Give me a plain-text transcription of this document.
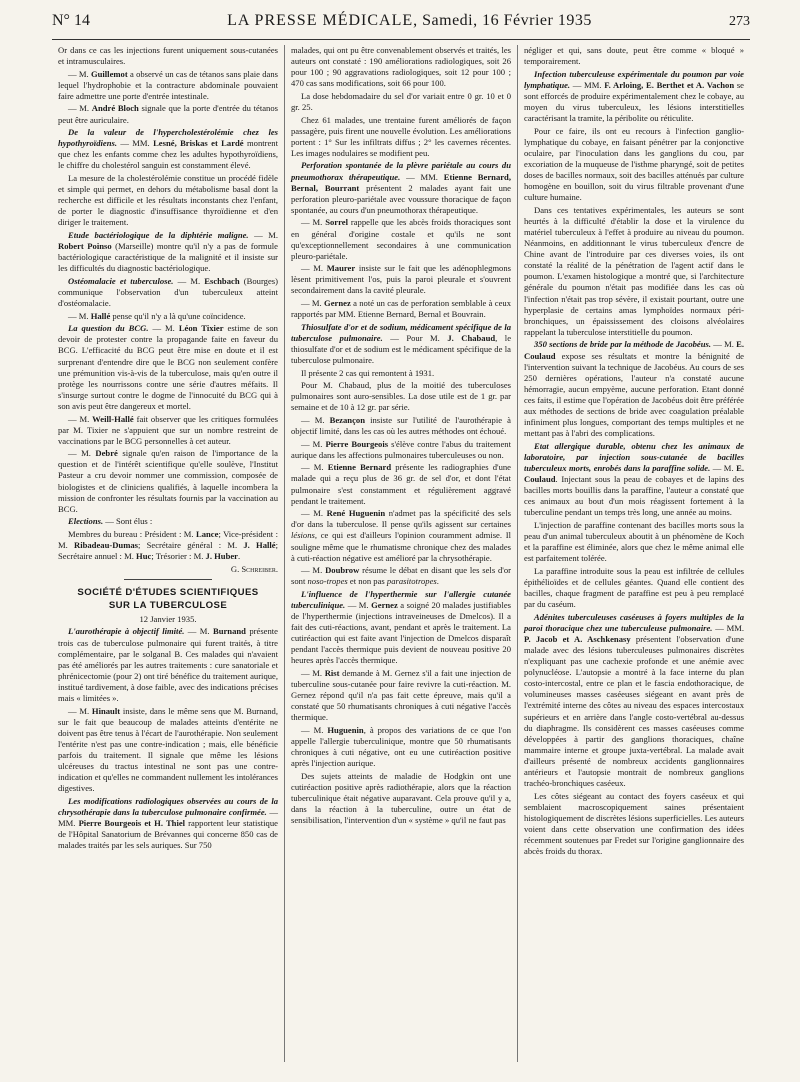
N° 14	LA PRESSE MÉDICALE, Samedi, 16 Février 1935	273

Or dans ce cas les injections furent uniquement sous-cutanées et intramusculaires.

— M. Guillemot a observé un cas de tétanos sans plaie dans lequel l'hydrophobie et la contracture abdominale pouvaient faire admettre une porte d'entrée intestinale.

— M. André Bloch signale que la porte d'entrée du tétanos peut être auriculaire.

De la valeur de l'hypercholestérolémie chez les hypothyroïdiens. — MM. Lesné, Briskas et Lardé montrent que chez les enfants comme chez les adultes hypothyroïdiens, le chiffre du cholestérol sanguin est constamment élevé.

La mesure de la cholestérolémie constitue un procédé fidèle et simple qui permet, en dehors du métabolisme basal dont la recherche est difficile et les résultats inconstants chez l'enfant, de porter le diagnostic d'insuffisance thyroïdienne et d'en diriger le traitement.

Etude bactériologique de la diphtérie maligne. — M. Robert Poinso (Marseille) montre qu'il n'y a pas de formule bactériologique caractéristique de la malignité et il insiste sur les difficultés du diagnostic bactériologique.

Ostéomalacie et tuberculose. — M. Eschbach (Bourges) communique l'observation d'un tuberculeux atteint d'ostéomalacie.

— M. Hallé pense qu'il n'y a là qu'une coïncidence.

La question du BCG. — M. Léon Tixier estime de son devoir de protester contre la propagande faite en faveur du BCG. L'efficacité du BCG peut être mise en doute et il est surprenant d'entendre dire que le BCG non seulement confère une prémunition vis-à-vis de la tuberculose, mais qu'en outre il protège les nourrissons contre une série d'autres méfaits. Il s'insurge surtout contre le dogme de l'innocuité du BCG qui à son avis peut être dangereux et mortel.

— M. Weill-Hallé fait observer que les critiques formulées par M. Tixier ne s'appuient que sur un nombre restreint de vaccinations par le BCG personnelles à cet auteur.

— M. Debré signale qu'en raison de l'importance de la question et de l'intérêt scientifique qu'elle soulève, l'Institut Pasteur a cru devoir nommer une commission, composée de biologistes et de cliniciens qualifiés, à laquelle incombera la mission de confronter les résultats fournis par la vaccination au BCG.

Elections. — Sont élus :

Membres du bureau : Président : M. Lance; Vice-président : M. Ribadeau-Dumas; Secrétaire général : M. J. Hallé; Secrétaire annuel : M. Huc; Trésorier : M. J. Huber.

G. Schreiber.

SOCIÉTÉ D'ÉTUDES SCIENTIFIQUES
SUR LA TUBERCULOSE

12 Janvier 1935.

L'aurothérapie à objectif limité. — M. Burnand présente trois cas de tuberculose pulmonaire qui furent traités, à titre complémentaire, par le solganal B. Ces malades qui n'avaient pas été améliorés par les autres traitements : cure sanatoriale et phrénicectomie (pour 2) ont tiré bénéfice du traitement aurique, institué tardivement, à dose faible, avec des indications précises mais « limitées ».

— M. Hinault insiste, dans le même sens que M. Burnand, sur le fait que beaucoup de malades atteints d'entérite ne doivent pas être tenus à l'écart de l'aurothérapie. Non seulement l'entérite n'est pas une contre-indication ; mais, elle bénéficie parfois du traitement. Il signale que même les lésions ulcéreuses du tractus intestinal ne sont pas une contre-indication et qu'elles ne commandent nullement les intolérances digestives.

Les modifications radiologiques observées au cours de la chrysothérapie dans la tuberculose pulmonaire confirmée. — MM. Pierre Bourgeois et H. Thiel rapportent leur statistique de l'Hôpital Sanatorium de Brévannes qui concerne 850 cas de malades traités par les sels auriques. Sur 750

malades, qui ont pu être convenablement observés et traités, les auteurs ont constaté : 190 améliorations radiologiques, soit 26 pour 100 ; 90 aggravations radiologiques, soit 12 pour 100 ; 470 cas sans modifications, soit 66 pour 100.

La dose hebdomadaire du sel d'or variait entre 0 gr. 10 et 0 gr. 25.

Chez 61 malades, une trentaine furent améliorés de façon passagère, puis firent une nouvelle évolution. Les améliorations portent : 1° Sur les infiltrats diffus ; 2° les cavernes récentes. Les images nodulaires se modifient peu.

Perforation spontanée de la plèvre pariétale au cours du pneumothorax thérapeutique. — MM. Etienne Bernard, Bernal, Bourrant présentent 2 malades ayant fait une perforation pleuro-pariétale avec voussure thoracique de façon spontanée, au cours d'un pneumothorax thérapeutique.

— M. Sorrel rappelle que les abcès froids thoraciques sont en général d'origine costale et qu'ils ne sont qu'exceptionnellement secondaires à une communication pleuro-pariétale.

— M. Maurer insiste sur le fait que les adénophlegmons lèsent primitivement l'os, puis la paroi pleurale et s'ouvrent secondairement dans la cavité pleurale.

— M. Gernez a noté un cas de perforation semblable à ceux rapportés par MM. Etienne Bernard, Bernal et Bouvrain.

Thiosulfate d'or et de sodium, médicament spécifique de la tuberculose pulmonaire. — Pour M. J. Chabaud, le thiosulfate d'or et de sodium est le médicament spécifique de la tuberculose pulmonaire.

Il présente 2 cas qui remontent à 1931.

Pour M. Chabaud, plus de la moitié des tuberculoses pulmonaires sont auro-sensibles. La dose utile est de 1 gr. par semaine et de 10 à 12 gr. par série.

— M. Bezançon insiste sur l'utilité de l'aurothérapie à objectif limité, dans les cas où les autres méthodes ont échoué.

— M. Pierre Bourgeois s'élève contre l'abus du traitement aurique dans les affections pulmonaires tuberculeuses ou non.

— M. Etienne Bernard présente les radiographies d'une malade qui a reçu plus de 36 gr. de sel d'or, et dont l'état pulmonaire s'est constamment et régulièrement aggravé pendant le traitement.

— M. René Huguenin n'admet pas la spécificité des sels d'or dans la tuberculose. Il pense qu'ils agissent sur certaines lésions, ce qui est d'ailleurs l'opinion couramment admise. Il souligne même que le rhumatisme chronique chez des malades à cuti-réaction négative est amélioré par la chrysothérapie.

— M. Doubrow résume le débat en disant que les sels d'or sont noso-tropes et non pas parasitotropes.

L'influence de l'hyperthermie sur l'allergie cutanée tuberculinique. — M. Gernez a soigné 20 malades justifiables de l'hyperthermie (injections intraveineuses de Dmelcos). Il a fait des cuti-réactions, avant, pendant et après le traitement. La cutiréaction qui est faite avant l'injection de Dmelcos disparaît pendant l'accès thermique puis devient de nouveau positive 20 heures après l'accès thermique.

— M. Rist demande à M. Gernez s'il a fait une injection de tuberculine sous-cutanée pour faire revivre la cuti-réaction. M. Gernez répond qu'il n'a pas fait cette épreuve, mais qu'il a constaté que 50 rhumatisants chroniques à cuti négative l'accès thermique.

— M. Huguenin, à propos des variations de ce que l'on appelle l'allergie tuberculinique, montre que 50 rhumatisants chroniques à cuti négative, ont eu une cutiréaction positive après l'injection aurique.

Des sujets atteints de maladie de Hodgkin ont une cutiréaction positive après radiothérapie, alors que la réaction tuberculinique était négative auparavant. Cela prouve qu'il y a, dans la réaction à la tuberculine, outre un état de sensibilisation, l'intervention d'un « système » qu'il ne faut pas

négliger et qui, sans doute, peut être comme « bloqué » temporairement.

Infection tuberculeuse expérimentale du poumon par voie lymphatique. — MM. F. Arloing, E. Berthet et A. Vachon se sont efforcés de produire expérimentalement chez le cobaye, au moyen du virus tuberculeux, les lésions interstitielles caractérisant la tramite, la péribolite ou réticulite.

Pour ce faire, ils ont eu recours à l'infection ganglio-lymphatique du cobaye, en faisant pénétrer par la conjonctive oculaire, par l'inoculation dans les ganglions du cou, par excoriation de la muqueuse de l'isthme pharyngé, soit de petites doses de bacilles normaux, soit des bacilles atténués par culture homogène en bouillon, soit du virus filtrable provenant d'une culture humaine.

Dans ces tentatives expérimentales, les auteurs se sont heurtés à la difficulté d'établir la dose et la virulence du matériel tuberculeux à l'effet à produire au niveau du poumon. Néanmoins, en additionnant le virus tuberculeux d'encre de Chine avant de l'introduire par ces diverses voies, ils ont constaté la réalité de la pénétration de l'agent actif dans le poumon. L'examen histologique a montré que, si l'architecture générale du poumon n'était pas modifiée dans les cas où l'infection n'était pas trop sévère, il existait pourtant, outre une hyperplasie de certains amas lymphoïdes normaux péri-bronchiques, un épaississement des cloisons alvéolaires rappelant la tuberculose interstitielle du poumon.

350 sections de bride par la méthode de Jacobéus. — M. E. Coulaud expose ses résultats et montre la bénignité de l'intervention suivant la technique de Jacobéus. Au cours de ses 250 dernières opérations, l'auteur n'a constaté aucune hémorragie, aucun empyème, aucune perforation. Etant donné ces faits, il estime que l'opération de Jacobéus doit être préférée aux méthodes de sections de bride avec coagulation préalable infiniment plus longues, comportant des temps multiples et ne mettant pas à l'abri des complications.

Etat allergique durable, obtenu chez les animaux de laboratoire, par injection sous-cutanée de bacilles tuberculeux morts, enrobés dans la paraffine solide. — M. E. Coulaud. Injectant sous la peau de cobayes et de lapins des bacilles morts bouillis dans la paraffine, l'auteur a constaté que ces animaux au bout d'un mois réagissent fortement à la tuberculine pendant un temps très long, une année au moins.

L'injection de paraffine contenant des bacilles morts sous la peau d'un animal tuberculeux aboutit à un phénomène de Koch et la paraffine est éliminée, alors que chez le même animal elle est parfaitement tolérée.

La paraffine introduite sous la peau est infiltrée de cellules épithélioïdes et de cellules géantes. Quand elle contient des bacilles, chaque fragment de paraffine est peu à peu remplacé par du caséum.

Adénites tuberculeuses caséeuses à foyers multiples de la paroi thoracique chez une tuberculeuse pulmonaire. — MM. P. Jacob et A. Aschkenasy présentent l'observation d'une malade avec des lésions tuberculeuses pulmonaires discrètes n'expliquant pas une cachexie profonde et une anémie avec polynucléose. L'autopsie a montré à la face interne du plan costo-intercostal, entre ce plan et le fascia endothoracique, de volumineuses masses caséeuses siégeant en avant près de l'extrémité interne des côtes au niveau des espaces intercostaux supérieurs et en arrière dans l'angle costo-vertébral au-dessus du diaphragme. Ils considèrent ces masses caséeuses comme développées à partir des ganglions thoraciques, chaîne mammaire interne et groupe juxta-vertébral. La malade avait d'ailleurs présenté de nombreux accidents ganglionnaires antérieurs et l'autopsie montrait de nombreux ganglions trachéo-bronchiques caséeux.

Les côtes siégeant au contact des foyers caséeux et qui semblaient macroscopiquement saines présentaient histologiquement de discrètes lésions superficielles. Les auteurs voient dans cette observation une confirmation des idées récemment soutenues par Fredet sur l'origine ganglionnaire des abcès froids du thorax.
